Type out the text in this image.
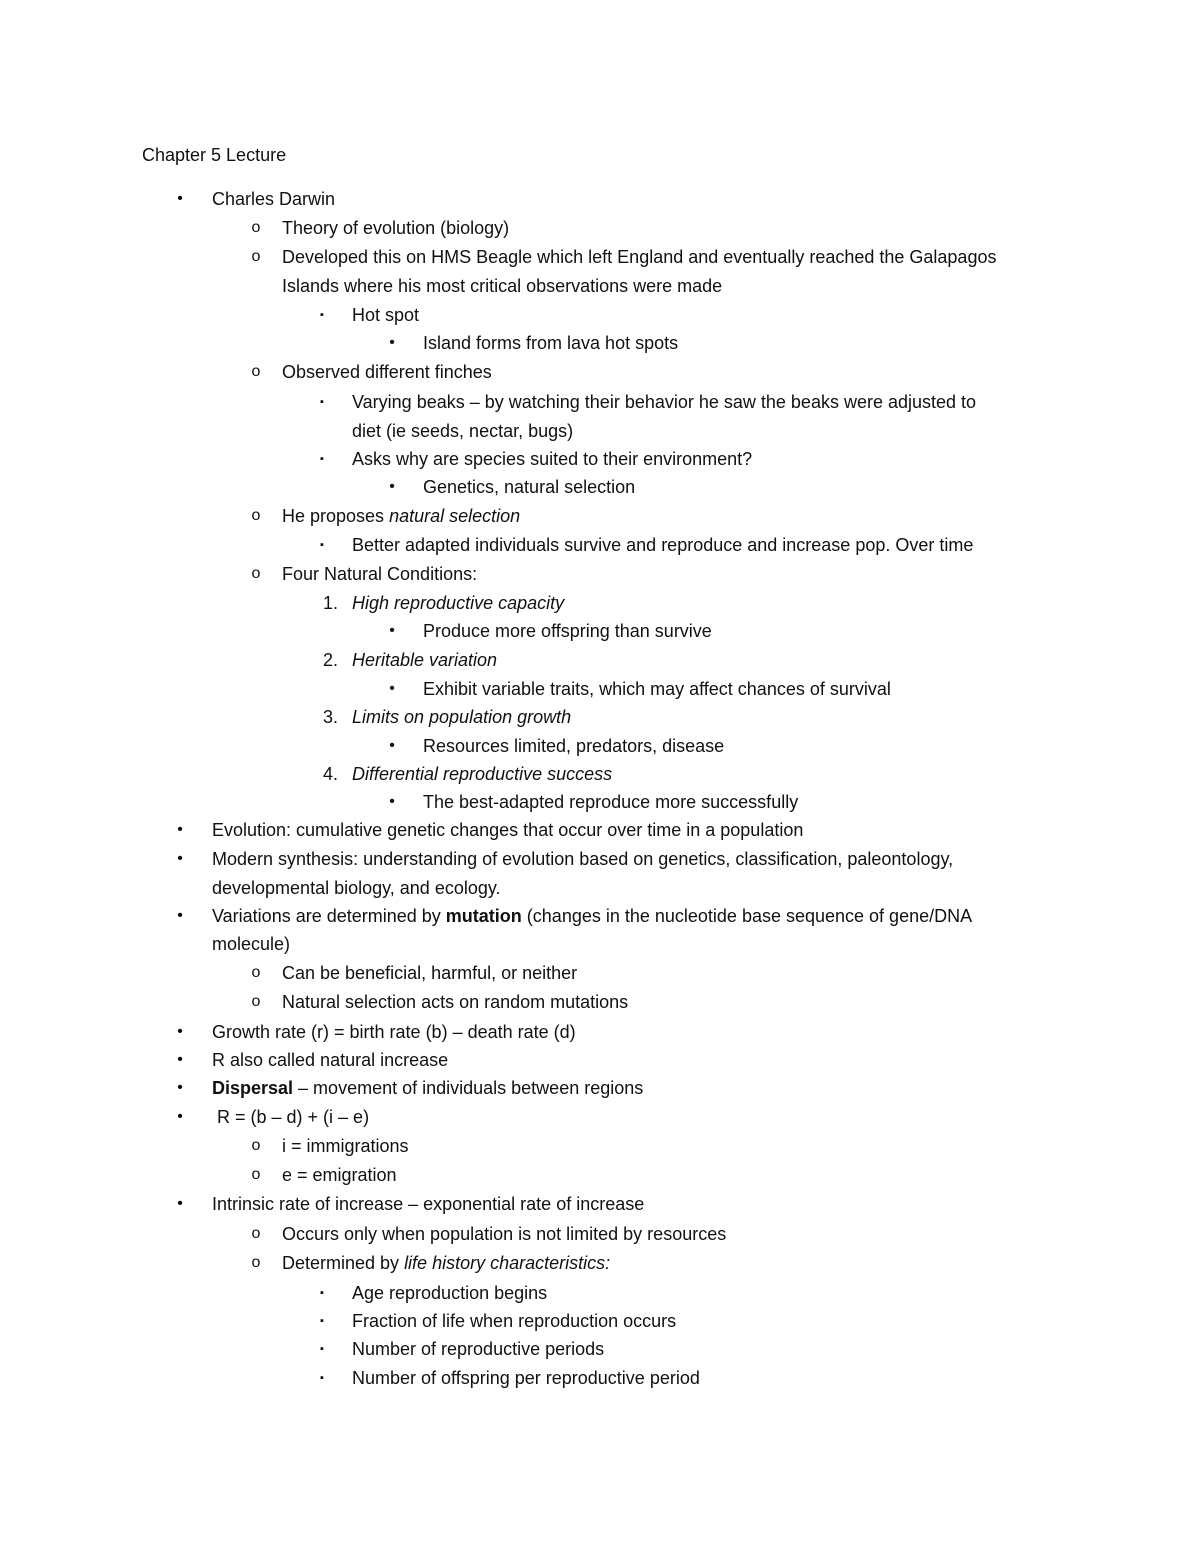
Chapter 5 Lecture
•	Charles Darwin
o	Theory of evolution (biology)
o	Developed this on HMS Beagle which left England and eventually reached the Galapagos
Islands where his most critical observations were made
▪	Hot spot
•	Island forms from lava hot spots
o	Observed different finches
▪	Varying beaks – by watching their behavior he saw the beaks were adjusted to
diet (ie seeds, nectar, bugs)
▪	Asks why are species suited to their environment?
•	Genetics, natural selection
o	He proposes natural selection
▪	Better adapted individuals survive and reproduce and increase pop. Over time
o	Four Natural Conditions:
1. High reproductive capacity
•	Produce more offspring than survive
2. Heritable variation
•	Exhibit variable traits, which may affect chances of survival
3. Limits on population growth
•	Resources limited, predators, disease
4. Differential reproductive success
•	The best-adapted reproduce more successfully
•	Evolution: cumulative genetic changes that occur over time in a population
•	Modern synthesis: understanding of evolution based on genetics, classification, paleontology,
developmental biology, and ecology.
•	Variations are determined by mutation (changes in the nucleotide base sequence of gene/DNA
molecule)
o	Can be beneficial, harmful, or neither
o	Natural selection acts on random mutations
•	Growth rate (r) = birth rate (b) – death rate (d)
•	R also called natural increase
•	Dispersal – movement of individuals between regions
•	R = (b – d) + (i – e)
o	i = immigrations
o	e = emigration
•	Intrinsic rate of increase – exponential rate of increase
o	Occurs only when population is not limited by resources
o	Determined by life history characteristics:
▪	Age reproduction begins
▪	Fraction of life when reproduction occurs
▪	Number of reproductive periods
▪	Number of offspring per reproductive period
